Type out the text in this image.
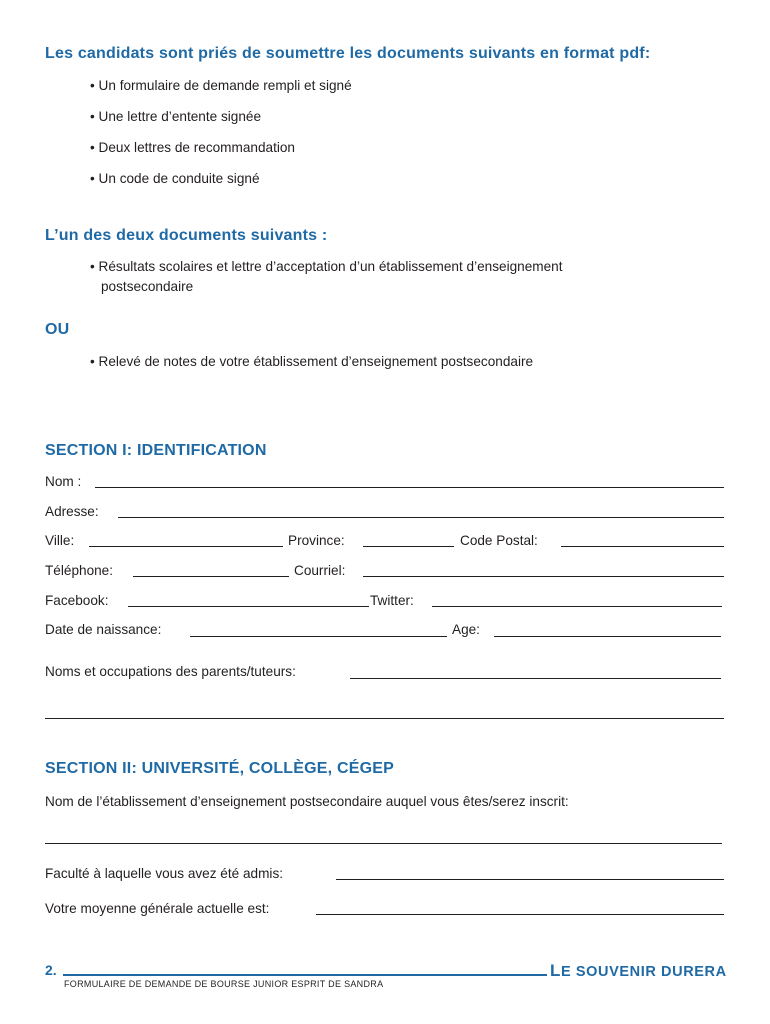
Les candidats sont priés de soumettre les documents suivants en format pdf:
• Un formulaire de demande rempli et signé
• Une lettre d’entente signée
• Deux lettres de recommandation
• Un code de conduite signé
L’un des deux documents suivants :
• Résultats scolaires et lettre d’acceptation d’un établissement d’enseignement
postsecondaire
OU
• Relevé de notes de votre établissement d’enseignement postsecondaire
SECTION I: IDENTIFICATION
Nom :
Adresse:
Ville:	Province:	Code Postal:
Téléphone:	Courriel:
Facebook:	Twitter:
Date de naissance:	Age:
Noms et occupations des parents/tuteurs:
SECTION II: UNIVERSITÉ, COLLÈGE, CÉGEP
Nom de l’établissement d’enseignement postsecondaire auquel vous êtes/serez inscrit:
Faculté à laquelle vous avez été admis:
Votre moyenne générale actuelle est:
2.	LE SOUVENIR DURERA
FORMULAIRE DE DEMANDE DE BOURSE JUNIOR ESPRIT DE SANDRA
